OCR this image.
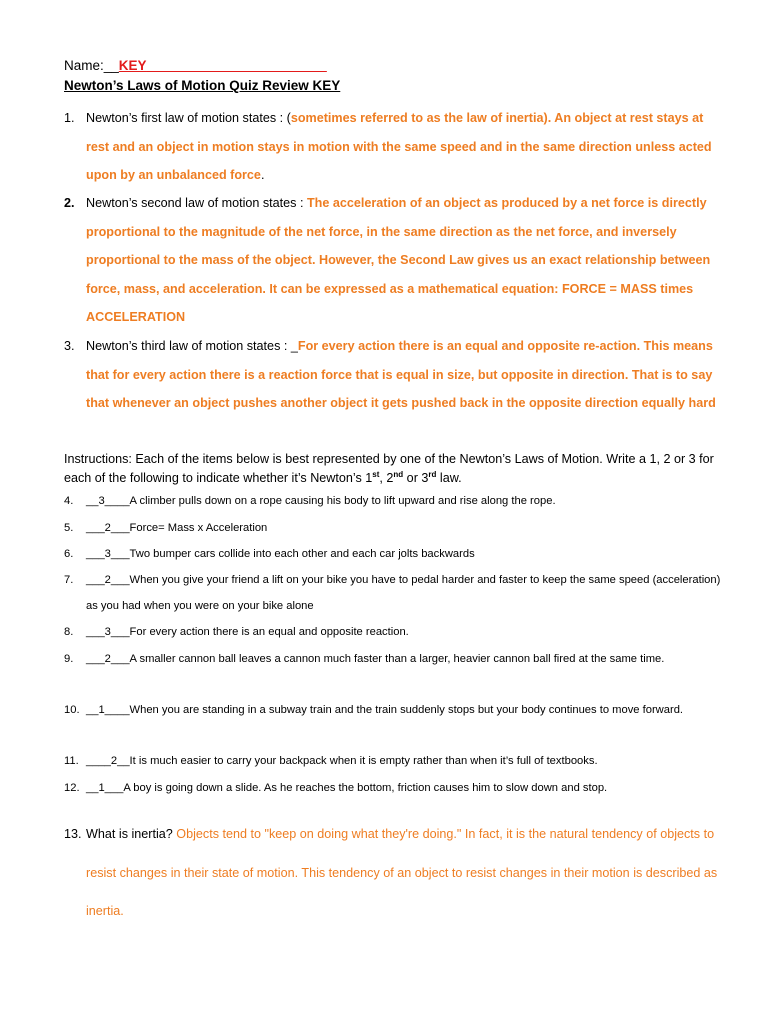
Name:__KEY________________________
Newton’s Laws of Motion Quiz Review KEY
1. Newton’s first law of motion states : (sometimes referred to as the law of inertia). An object at rest stays at rest and an object in motion stays in motion with the same speed and in the same direction unless acted upon by an unbalanced force.
2. Newton’s second law of motion states : The acceleration of an object as produced by a net force is directly proportional to the magnitude of the net force, in the same direction as the net force, and inversely proportional to the mass of the object. However, the Second Law gives us an exact relationship between force, mass, and acceleration. It can be expressed as a mathematical equation: FORCE = MASS times ACCELERATION
3. Newton’s third law of motion states : _For every action there is an equal and opposite re-action. This means that for every action there is a reaction force that is equal in size, but opposite in direction. That is to say that whenever an object pushes another object it gets pushed back in the opposite direction equally hard
Instructions: Each of the items below is best represented by one of the Newton’s Laws of Motion. Write a 1, 2 or 3 for each of the following to indicate whether it’s Newton’s 1st, 2nd or 3rd law.
4. __3____A climber pulls down on a rope causing his body to lift upward and rise along the rope.
5. ___2___Force= Mass x Acceleration
6. ___3___Two bumper cars collide into each other and each car jolts backwards
7. ___2___When you give your friend a lift on your bike you have to pedal harder and faster to keep the same speed (acceleration) as you had when you were on your bike alone
8. ___3___For every action there is an equal and opposite reaction.
9. ___2___A smaller cannon ball leaves a cannon much faster than a larger, heavier cannon ball fired at the same time.
10. __1____When you are standing in a subway train and the train suddenly stops but your body continues to move forward.
11. ____2__It is much easier to carry your backpack when it is empty rather than when it’s full of textbooks.
12. __1___A boy is going down a slide. As he reaches the bottom, friction causes him to slow down and stop.
13. What is inertia? Objects tend to "keep on doing what they're doing." In fact, it is the natural tendency of objects to resist changes in their state of motion. This tendency of an object to resist changes in their motion is described as inertia.
